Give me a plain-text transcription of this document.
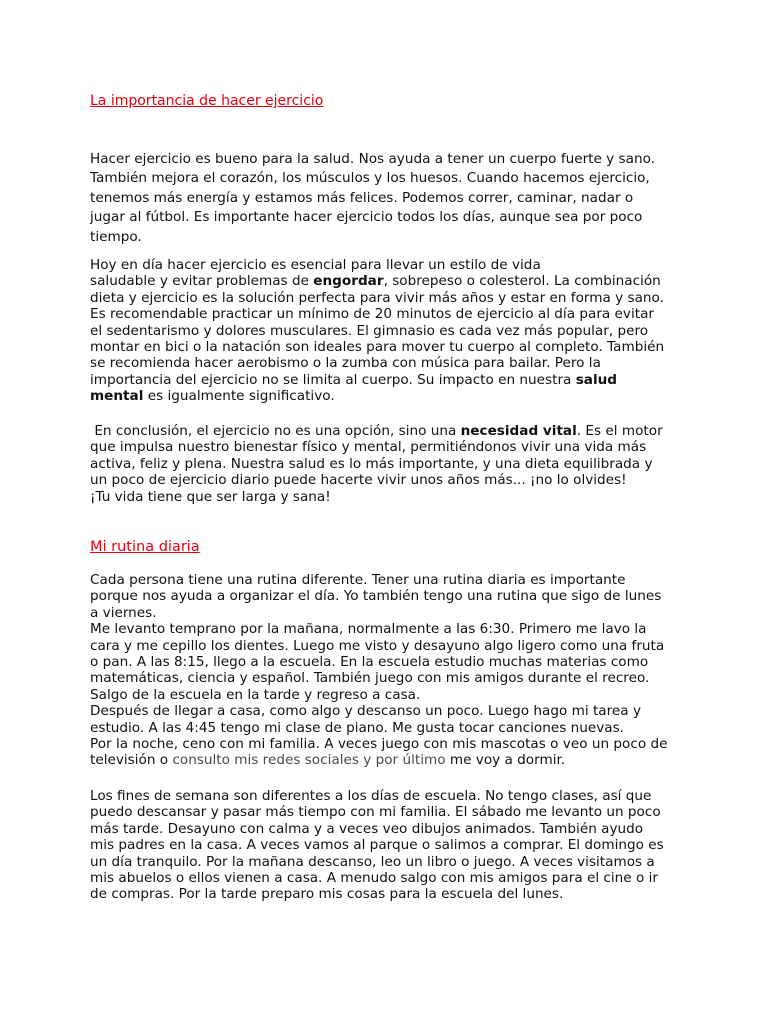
La importancia de hacer ejercicio

Hacer ejercicio es bueno para la salud. Nos ayuda a tener un cuerpo fuerte y sano.
También mejora el corazón, los músculos y los huesos. Cuando hacemos ejercicio,
tenemos más energía y estamos más felices. Podemos correr, caminar, nadar o
jugar al fútbol. Es importante hacer ejercicio todos los días, aunque sea por poco
tiempo.

Hoy en día hacer ejercicio es esencial para llevar un estilo de vida
saludable y evitar problemas de engordar, sobrepeso o colesterol. La combinación
dieta y ejercicio es la solución perfecta para vivir más años y estar en forma y sano.
Es recomendable practicar un mínimo de 20 minutos de ejercicio al día para evitar
el sedentarismo y dolores musculares. El gimnasio es cada vez más popular, pero
montar en bici o la natación son ideales para mover tu cuerpo al completo. También
se recomienda hacer aerobismo o la zumba con música para bailar. Pero la
importancia del ejercicio no se limita al cuerpo. Su impacto en nuestra salud
mental es igualmente significativo.

En conclusión, el ejercicio no es una opción, sino una necesidad vital. Es el motor
que impulsa nuestro bienestar físico y mental, permitiéndonos vivir una vida más
activa, feliz y plena. Nuestra salud es lo más importante, y una dieta equilibrada y
un poco de ejercicio diario puede hacerte vivir unos años más... ¡no lo olvides!
¡Tu vida tiene que ser larga y sana!

Mi rutina diaria

Cada persona tiene una rutina diferente. Tener una rutina diaria es importante
porque nos ayuda a organizar el día. Yo también tengo una rutina que sigo de lunes
a viernes.
Me levanto temprano por la mañana, normalmente a las 6:30. Primero me lavo la
cara y me cepillo los dientes. Luego me visto y desayuno algo ligero como una fruta
o pan. A las 8:15, llego a la escuela. En la escuela estudio muchas materias como
matemáticas, ciencia y español. También juego con mis amigos durante el recreo.
Salgo de la escuela en la tarde y regreso a casa.
Después de llegar a casa, como algo y descanso un poco. Luego hago mi tarea y
estudio. A las 4:45 tengo mi clase de piano. Me gusta tocar canciones nuevas.
Por la noche, ceno con mi familia. A veces juego con mis mascotas o veo un poco de
televisión o consulto mis redes sociales y por último me voy a dormir.

Los fines de semana son diferentes a los días de escuela. No tengo clases, así que
puedo descansar y pasar más tiempo con mi familia. El sábado me levanto un poco
más tarde. Desayuno con calma y a veces veo dibujos animados. También ayudo
mis padres en la casa. A veces vamos al parque o salimos a comprar. El domingo es
un día tranquilo. Por la mañana descanso, leo un libro o juego. A veces visitamos a
mis abuelos o ellos vienen a casa. A menudo salgo con mis amigos para el cine o ir
de compras. Por la tarde preparo mis cosas para la escuela del lunes.
